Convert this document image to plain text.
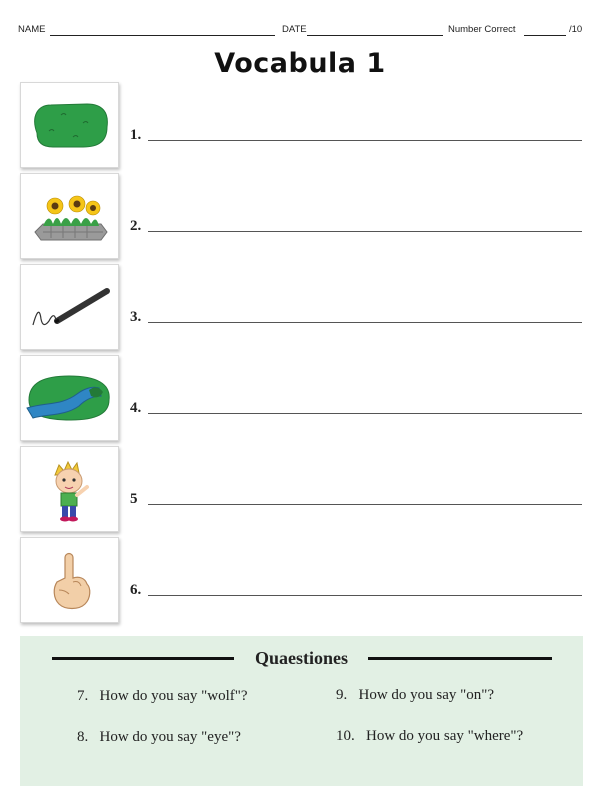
NAME	DATE	Number Correct	/10
Vocabula 1
1.
2.
3.
4.
5
6.
Quaestiones
7. How do you say "wolf"?
8. How do you say "eye"?
9. How do you say "on"?
10. How do you say "where"?
